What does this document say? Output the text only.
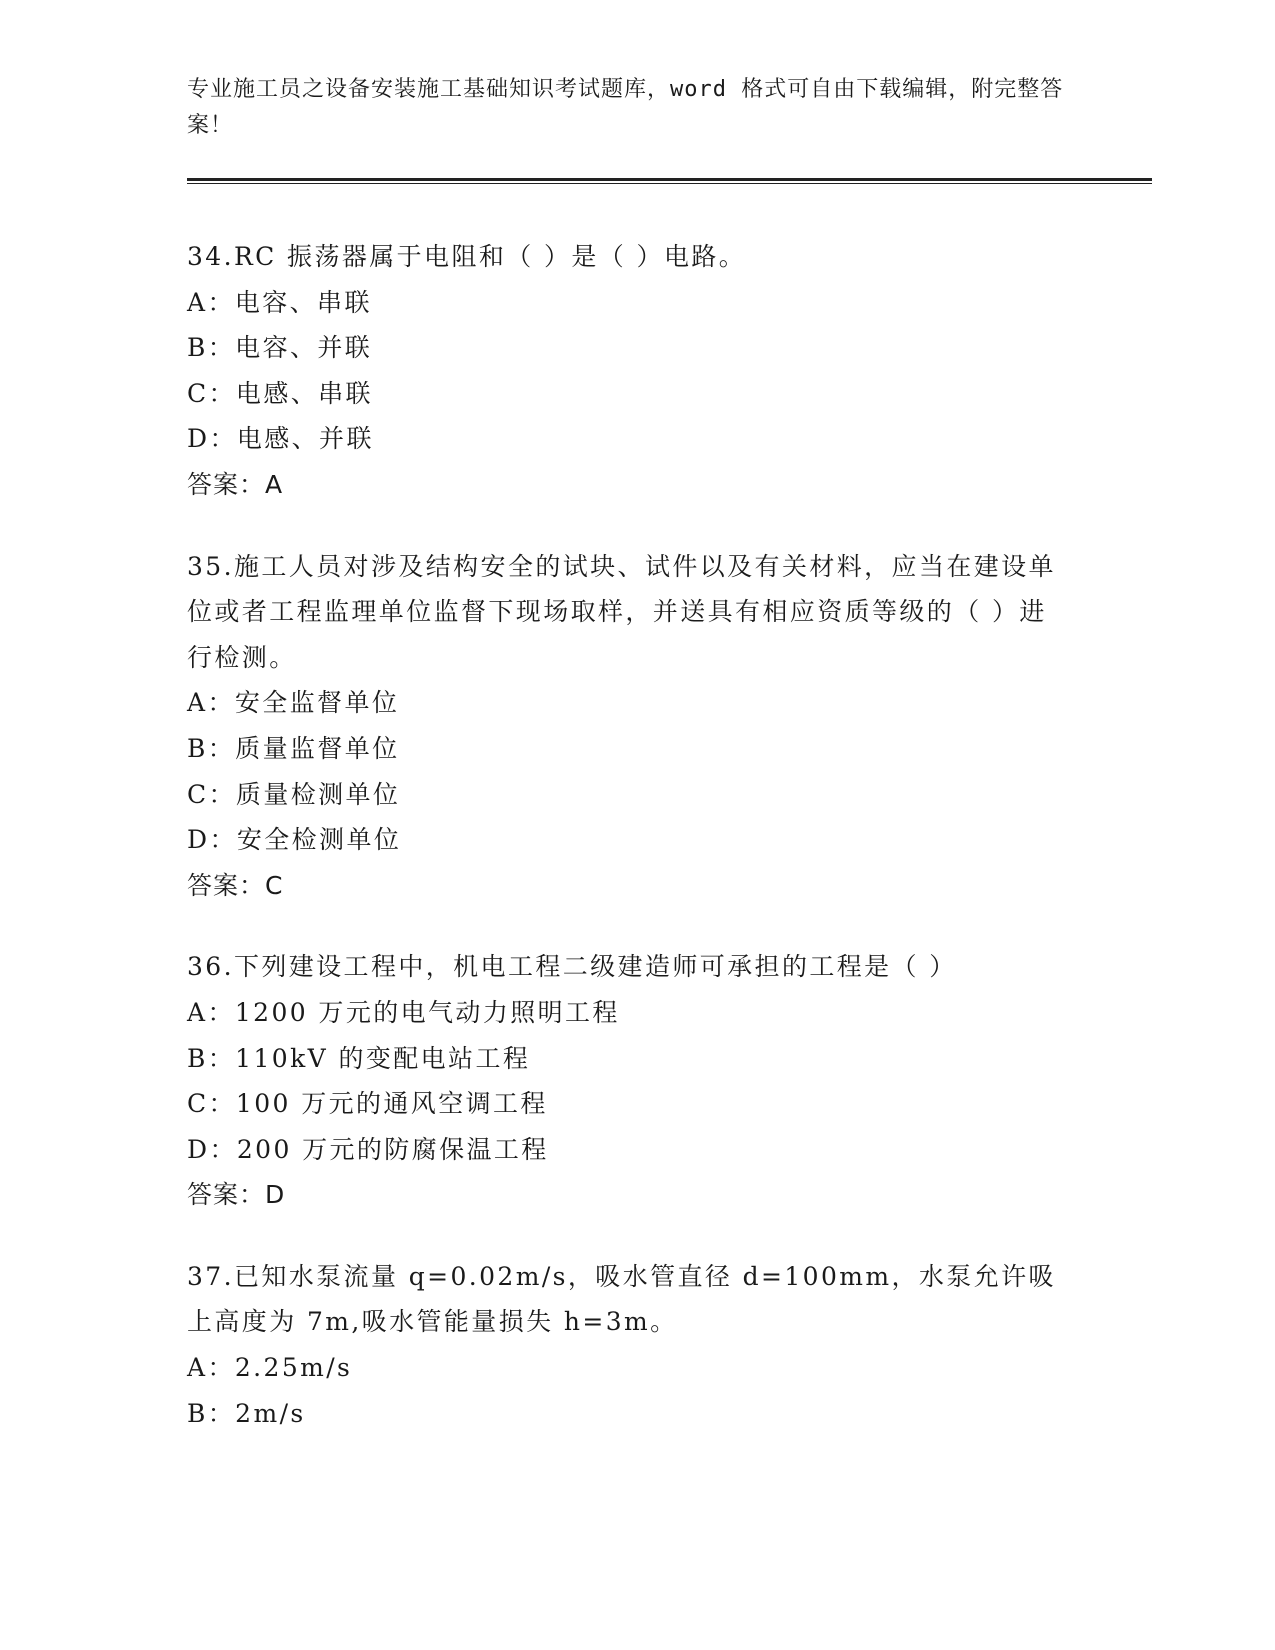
专业施工员之设备安装施工基础知识考试题库，word 格式可自由下载编辑，附完整答案！
34.RC 振荡器属于电阻和（ ）是（ ）电路。
A：电容、串联
B：电容、并联
C：电感、串联
D：电感、并联
答案：A
35.施工人员对涉及结构安全的试块、试件以及有关材料，应当在建设单位或者工程监理单位监督下现场取样，并送具有相应资质等级的（ ）进行检测。
A：安全监督单位
B：质量监督单位
C：质量检测单位
D：安全检测单位
答案：C
36.下列建设工程中，机电工程二级建造师可承担的工程是（ ）
A：1200 万元的电气动力照明工程
B：110kV 的变配电站工程
C：100 万元的通风空调工程
D：200 万元的防腐保温工程
答案：D
37.已知水泵流量 q=0.02m/s，吸水管直径 d=100mm，水泵允许吸上高度为 7m,吸水管能量损失 h=3m。
A：2.25m/s
B：2m/s
